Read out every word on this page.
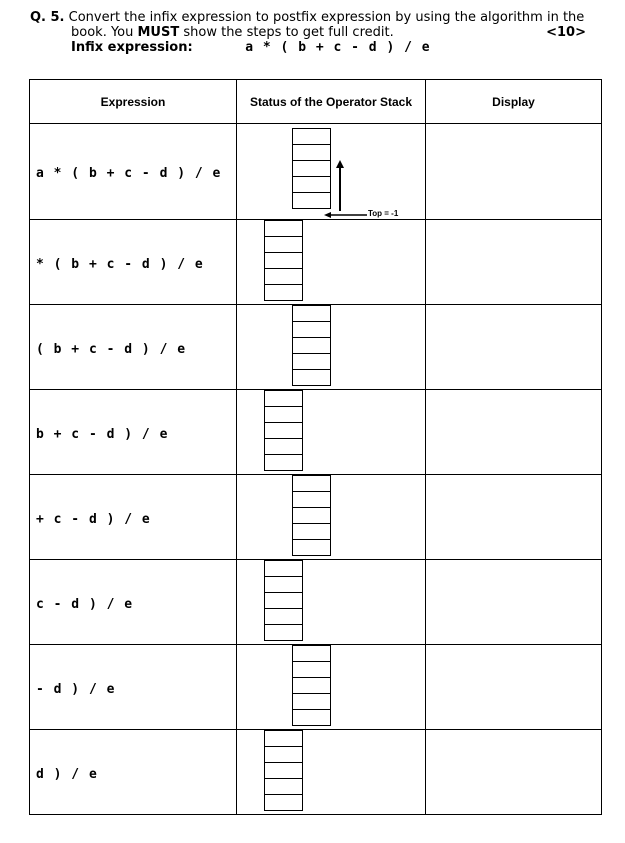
Q. 5. Convert the infix expression to postfix expression by using the algorithm in the
book. You MUST show the steps to get full credit.	<10>
Infix expression:	a * ( b + c - d ) / e
Expression	Status of the Operator Stack	Display
a * ( b + c - d ) / e	Top = -1	

* ( b + c - d ) / e	

( b + c - d ) / e	

b + c - d ) / e	

+ c - d ) / e	

c - d ) / e	

- d ) / e	

d ) / e	
